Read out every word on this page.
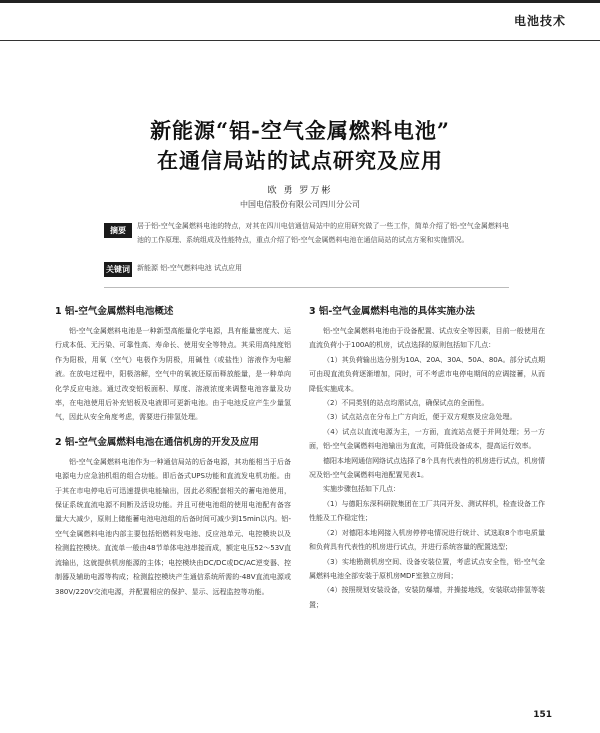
电池技术
新能源“铝-空气金属燃料电池”
在通信局站的试点研究及应用
欧 勇 罗万彬
中国电信股份有限公司四川分公司
摘要	居于铝-空气金属燃料电池的特点，对其在四川电信通信局站中的应用研究做了一些工作，简单介绍了铝-空气金属燃料电池的工作原理、系统组成及性能特点，重点介绍了铝-空气金属燃料电池在通信局站的试点方案和实施情况。
关键词 新能源 铝-空气燃料电池 试点应用
1 铝-空气金属燃料电池概述

铝-空气金属燃料电池是一种新型高能量化学电源，具有能量密度大、运行成本低、无污染、可靠性高、寿命长、使用安全等特点。其采用高纯度铝作为阳极，用氧（空气）电极作为阴极，用碱性（或盐性）溶液作为电解液。在放电过程中，阳极溶解，空气中的氧被还原而释放能量，是一种单向化学反应电池。通过改变铝板面积、厚度、溶液浓度来调整电池容量及功率，在电池使用后补充铝板及电液即可更新电池。由于电池反应产生少量氢气，因此从安全角度考虑，需要进行排氢处理。

2 铝-空气金属燃料电池在通信机房的开发及应用

铝-空气金属燃料电池作为一种通信局站的后备电源，其功能相当于后备电源电力应急油机组的组合功能。即后备式UPS功能和直流发电机功能。由于其在市电停电后可迅速提供电能输出，因此必须配套相关的蓄电池使用，保证系统直流电源不间断及活设功能。并且可使电池组的使用电池配有备容量大大减少，原则上储能蓄电池电池组的后备时间可减少到15min以内。铝-空气金属燃料电池内部主要包括铝燃料发电池、反应池单元、电控模块以及检测监控模块。直流单一般由48节单体电池串接而成，额定电压52～53V直流输出，这就提供机房能源的主体；电控模块由DC/DC或DC/AC逆变器、控制器及辅助电源等构成；检测监控模块产生通信系统所需的-48V直流电源或380V/220V交流电源，并配置相应的保护、显示、远程监控等功能。

3 铝-空气金属燃料电池的具体实施办法

铝-空气金属燃料电池由于设备配置、试点安全等因素，目前一般使用在直流负荷小于100A的机房，试点选择的原则包括如下几点：

（1）其负荷输出选分别为10A、20A、30A、50A、80A。部分试点期可由现直流负荷逐渐增加，同时，可不考虑市电停电期间的应调接蓄，从而降低实施成本。

（2）不同类别的站点均需试点，确保试点的全面性。

（3）试点站点在分布上广方向近，便于双方观察及应急处理。

（4）试点以直流电源为主，一方面，直流站点便于并网处理；另一方面，铝-空气金属燃料电池输出为直流，可降低设备成本，提高运行效率。

德阳本地网通信网络试点选择了8个具有代表性的机房进行试点，机房情况及铝-空气金属燃料电池配置见表1。

实施步骤包括如下几点：

（1）与德阳东深科研院集团在工厂共同开发、测试样机，检查设备工作性能及工作稳定性；

（2）对德阳本地网接入机房停停电情况进行统计、试选取8个市电质量和负荷具有代表性的机房进行试点，并进行系统容量的配置选型；

（3）实地勘测机房空间、设备安装位置，考虑试点安全性，铝-空气金属燃料电池全部安装于原机房MDF室独立房间；

（4）按照规划安装设备，安装防爆墙，并操接地线，安装联动排氢等装置；

151
